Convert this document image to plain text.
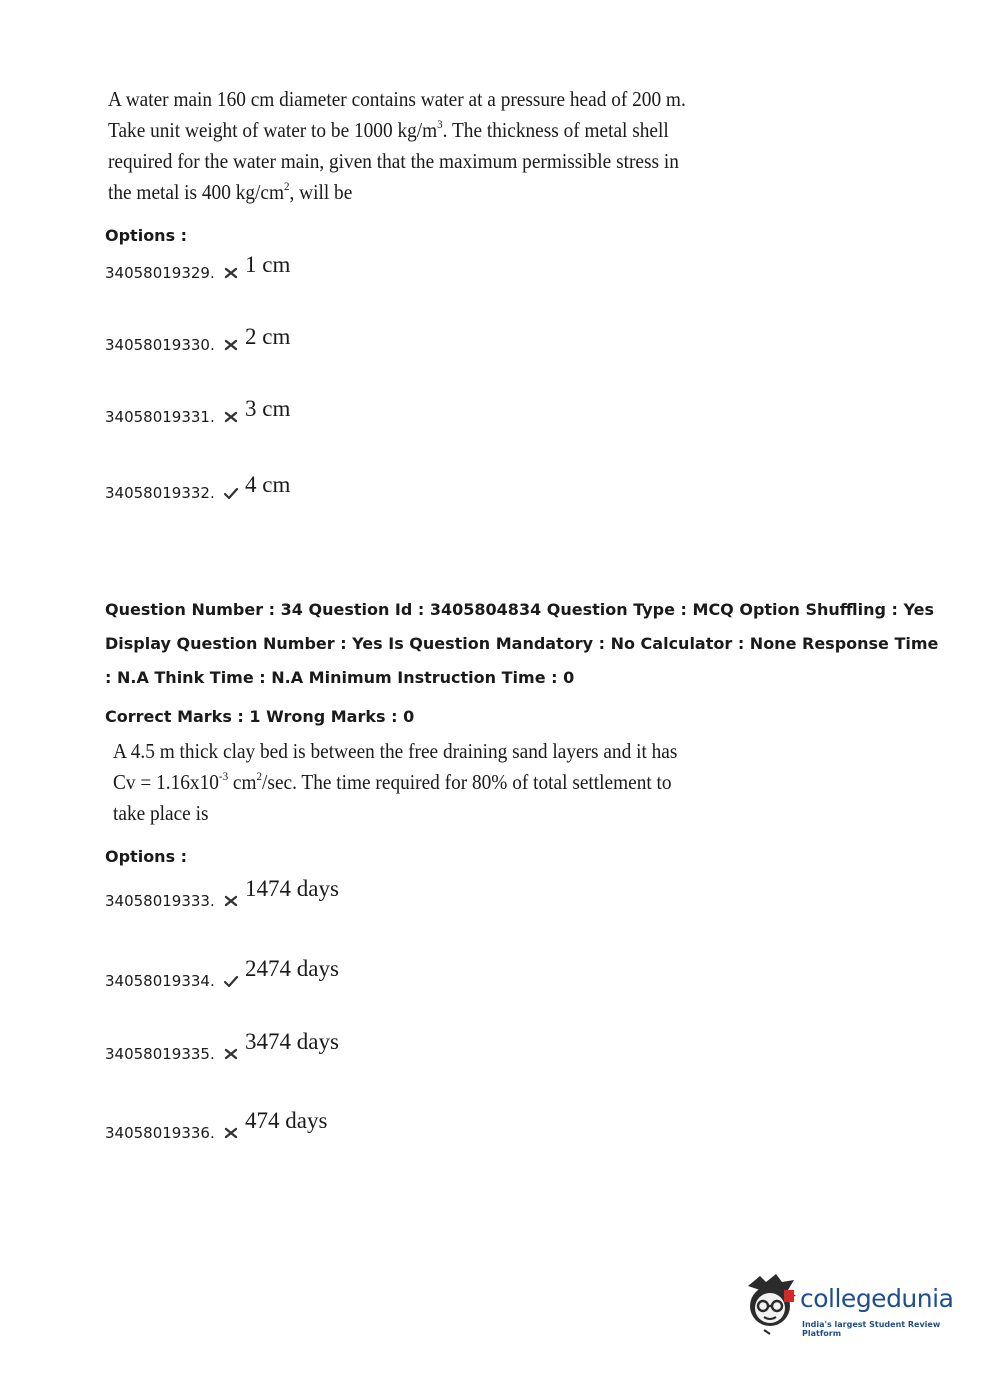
A water main 160 cm diameter contains water at a pressure head of 200 m.
Take unit weight of water to be 1000 $kg/m^3$. The thickness of metal shell
required for the water main, given that the maximum permissible stress in
the metal is 400 $kg/cm^2$, will be
Options :
34058019329. 1 cm
34058019330. 2 cm
34058019331. 3 cm
34058019332. 4 cm
Question Number : 34 Question Id : 3405804834 Question Type : MCQ Option Shuffling : Yes
Display Question Number : Yes Is Question Mandatory : No Calculator : None Response Time
: N.A Think Time : N.A Minimum Instruction Time : 0
Correct Marks : 1 Wrong Marks : 0
A 4.5 m thick clay bed is between the free draining sand layers and it has
$Cv = 1.16x10^{-3}$ $cm^2/\sec$. The time required for 80% of total settlement to
take place is
Options :
34058019333. 1474 days
34058019334. 2474 days
34058019335. 3474 days
34058019336. 474 days
collegedunia
India's largest Student Review Platform
